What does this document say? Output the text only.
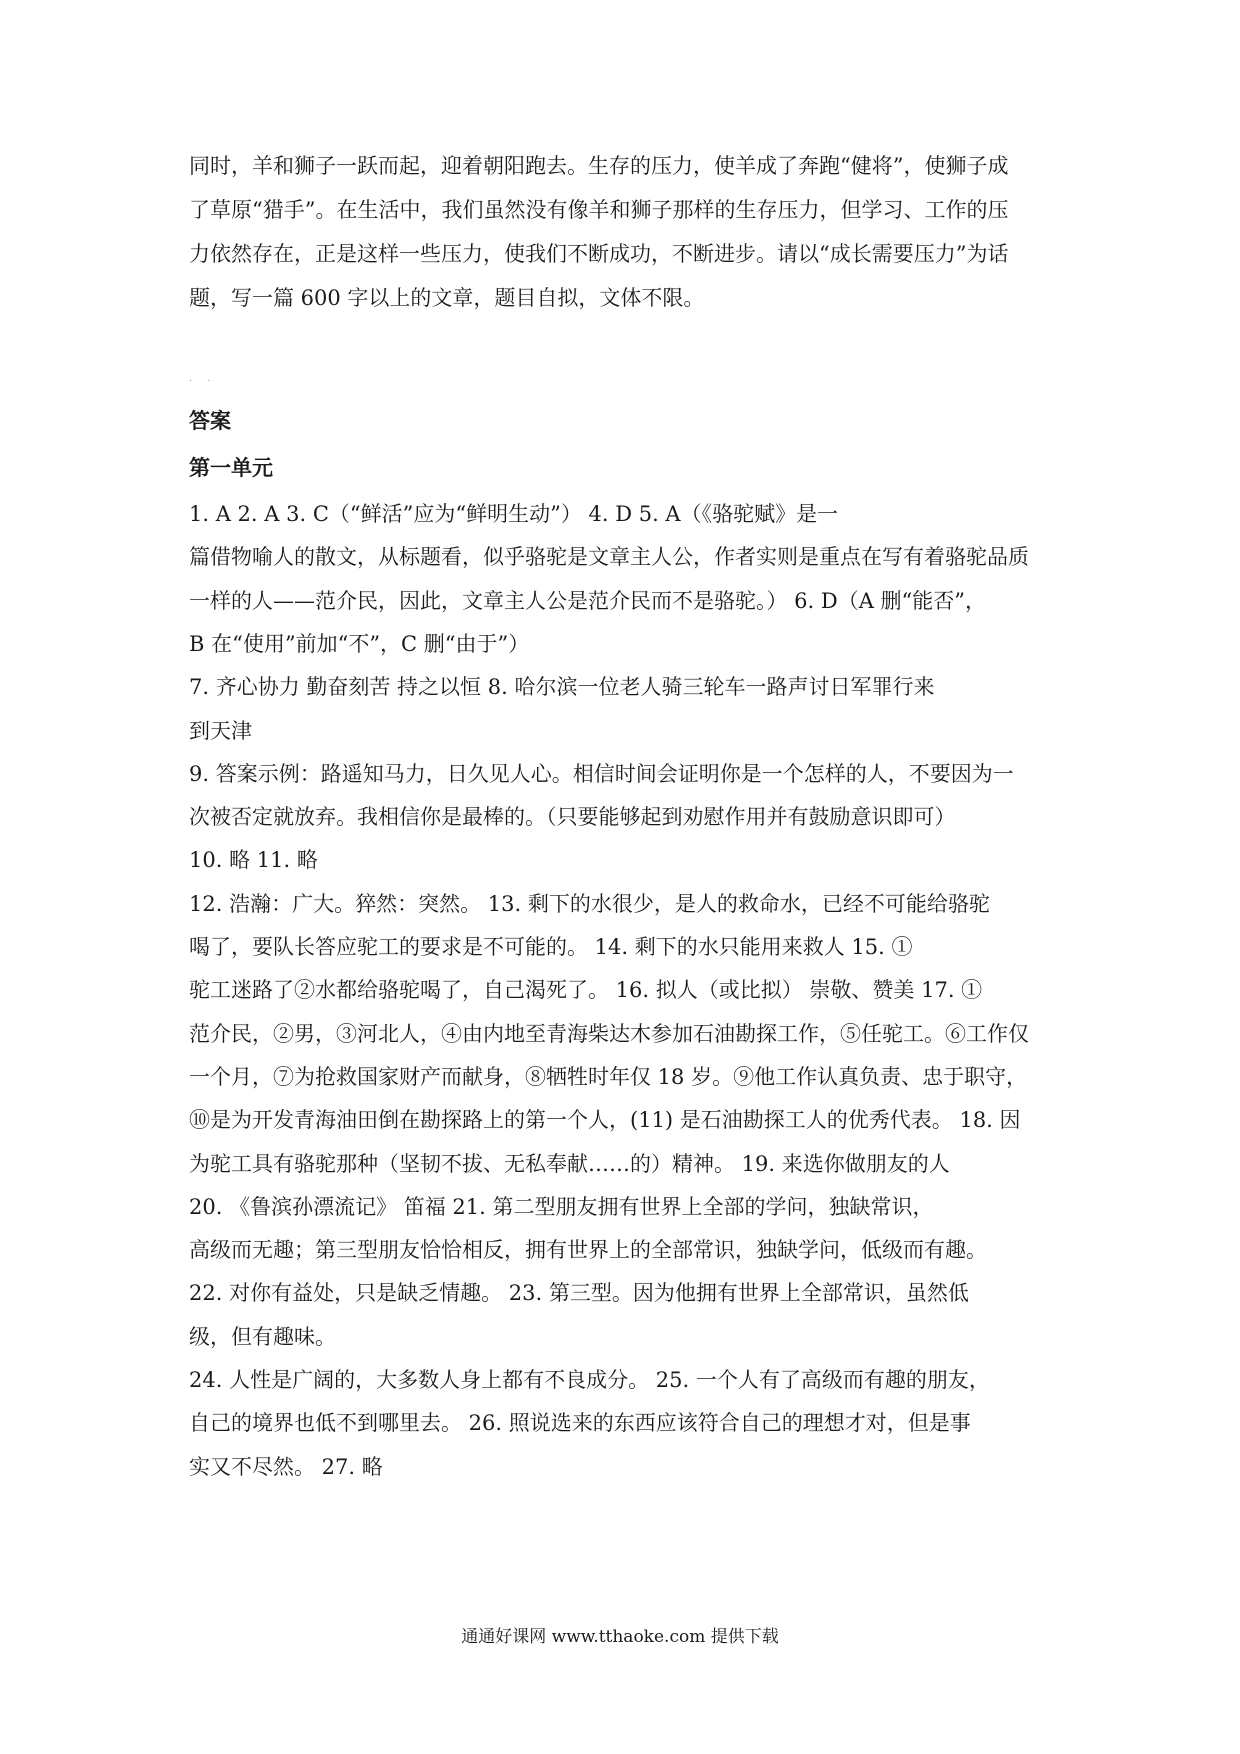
同时，羊和狮子一跃而起，迎着朝阳跑去。生存的压力，使羊成了奔跑“健将”，使狮子成
了草原“猎手”。在生活中，我们虽然没有像羊和狮子那样的生存压力，但学习、工作的压
力依然存在，正是这样一些压力，使我们不断成功，不断进步。请以“成长需要压力”为话
题，写一篇 600 字以上的文章，题目自拟，文体不限。
· ·
答案
第一单元
1. A 2. A 3. C（“鲜活”应为“鲜明生动”） 4. D 5. A（《骆驼赋》是一
篇借物喻人的散文，从标题看，似乎骆驼是文章主人公，作者实则是重点在写有着骆驼品质
一样的人——范介民，因此，文章主人公是范介民而不是骆驼。） 6. D（A 删“能否”，
B 在“使用”前加“不”，C 删“由于”）
7. 齐心协力 勤奋刻苦 持之以恒 8. 哈尔滨一位老人骑三轮车一路声讨日军罪行来
到天津
9. 答案示例：路遥知马力，日久见人心。相信时间会证明你是一个怎样的人，不要因为一
次被否定就放弃。我相信你是最棒的。（只要能够起到劝慰作用并有鼓励意识即可）
10. 略 11. 略
12. 浩瀚：广大。猝然：突然。 13. 剩下的水很少，是人的救命水，已经不可能给骆驼
喝了，要队长答应驼工的要求是不可能的。 14. 剩下的水只能用来救人 15. ①
驼工迷路了②水都给骆驼喝了，自己渴死了。 16. 拟人（或比拟） 崇敬、赞美 17. ①
范介民，②男，③河北人，④由内地至青海柴达木参加石油勘探工作，⑤任驼工。⑥工作仅
一个月，⑦为抢救国家财产而献身，⑧牺牲时年仅 18 岁。⑨他工作认真负责、忠于职守，
⑩是为开发青海油田倒在勘探路上的第一个人，(11) 是石油勘探工人的优秀代表。 18. 因
为驼工具有骆驼那种（坚韧不拔、无私奉献……的）精神。 19. 来选你做朋友的人
20. 《鲁滨孙漂流记》 笛福 21. 第二型朋友拥有世界上全部的学问，独缺常识，
高级而无趣；第三型朋友恰恰相反，拥有世界上的全部常识，独缺学问，低级而有趣。
22. 对你有益处，只是缺乏情趣。 23. 第三型。因为他拥有世界上全部常识，虽然低
级，但有趣味。
24. 人性是广阔的，大多数人身上都有不良成分。 25. 一个人有了高级而有趣的朋友，
自己的境界也低不到哪里去。 26. 照说选来的东西应该符合自己的理想才对，但是事
实又不尽然。 27. 略
通通好课网 www.tthaoke.com 提供下载
